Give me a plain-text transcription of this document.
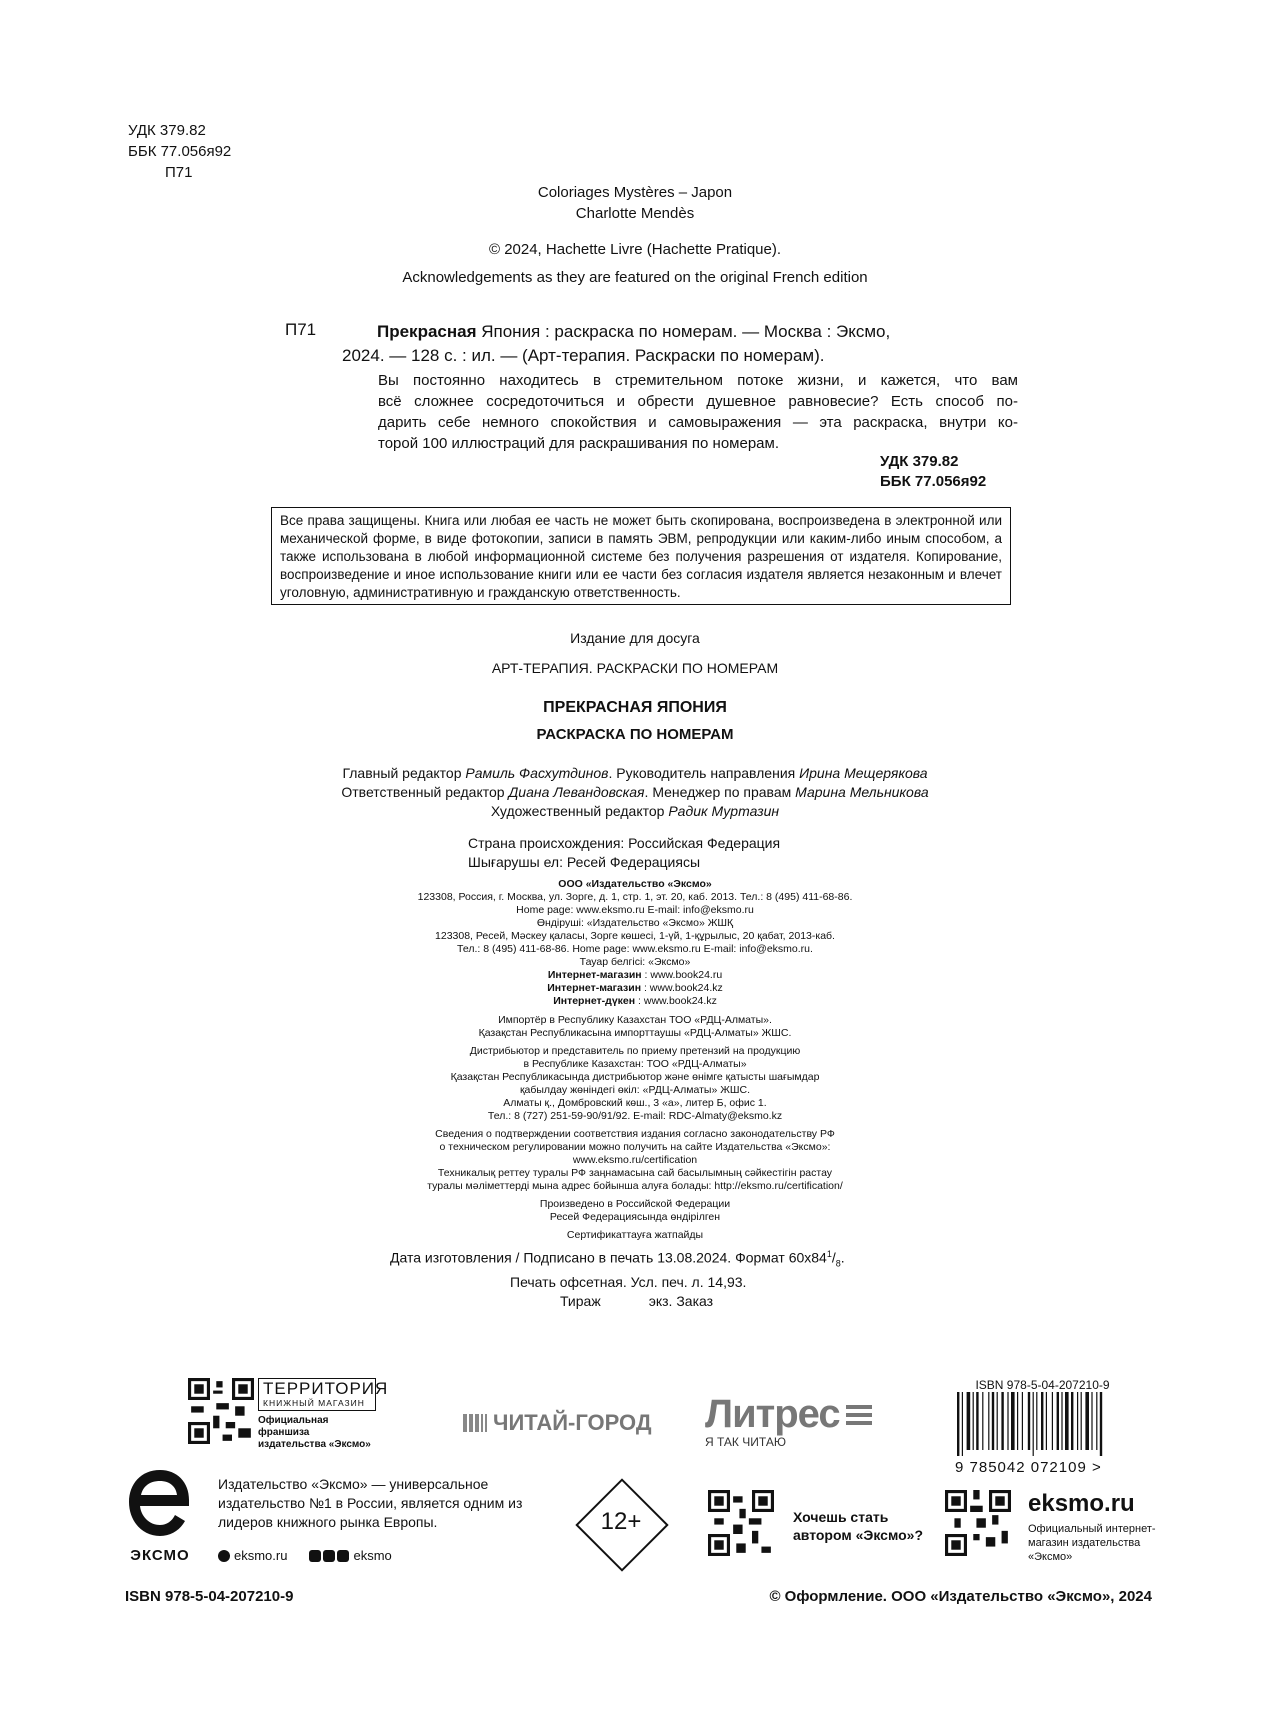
УДК 379.82
ББК 77.056я92
П71
Coloriages Mystères – Japon
Charlotte Mendès
© 2024, Hachette Livre (Hachette Pratique).
Acknowledgements as they are featured on the original French edition
П71	Прекрасная Япония : раскраска по номерам. — Москва : Эксмо,
2024. — 128 с. : ил. — (Арт-терапия. Раскраски по номерам).
Вы постоянно находитесь в стремительном потоке жизни, и кажется, что вам
всё сложнее сосредоточиться и обрести душевное равновесие? Есть способ по-
дарить себе немного спокойствия и самовыражения — эта раскраска, внутри ко-
торой 100 иллюстраций для раскрашивания по номерам.
УДК 379.82
ББК 77.056я92
Все права защищены. Книга или любая ее часть не может быть скопирована, воспроизведена в электронной или механической форме, в виде фотокопии, записи в память ЭВМ, репродукции или каким-либо иным способом, а также использована в любой информационной системе без получения разрешения от издателя. Копирование, воспроизведение и иное использование книги или ее части без согласия издателя является незаконным и влечет уголовную, административную и гражданскую ответственность.
Издание для досуга
АРТ-ТЕРАПИЯ. РАСКРАСКИ ПО НОМЕРАМ
ПРЕКРАСНАЯ ЯПОНИЯ
РАСКРАСКА ПО НОМЕРАМ
Главный редактор Рамиль Фасхутдинов. Руководитель направления Ирина Мещерякова
Ответственный редактор Диана Левандовская. Менеджер по правам Марина Мельникова
Художественный редактор Радик Муртазин
Страна происхождения: Российская Федерация
Шығарушы ел: Ресей Федерациясы
ООО «Издательство «Эксмо»
123308, Россия, г. Москва, ул. Зорге, д. 1, стр. 1, эт. 20, каб. 2013. Тел.: 8 (495) 411-68-86.
Home page: www.eksmo.ru E-mail: info@eksmo.ru
Өндіруші: «Издательство «Эксмо» ЖШҚ
123308, Ресей, Мәскеу қаласы, Зорге көшесі, 1-үй, 1-құрылыс, 20 қабат, 2013-каб.
Тел.: 8 (495) 411-68-86. Home page: www.eksmo.ru E-mail: info@eksmo.ru.
Тауар белгісі: «Эксмо»
Интернет-магазин : www.book24.ru
Интернет-магазин : www.book24.kz
Интернет-дүкен : www.book24.kz
Импортёр в Республику Казахстан ТОО «РДЦ-Алматы».
Қазақстан Республикасына импорттаушы «РДЦ-Алматы» ЖШС.
Дистрибьютор и представитель по приему претензий на продукцию
в Республике Казахстан: ТОО «РДЦ-Алматы»
Қазақстан Республикасында дистрибьютор және өнімге қатысты шағымдар
қабылдау жөніндегі өкіл: «РДЦ-Алматы» ЖШС.
Алматы қ., Домбровский көш., 3 «а», литер Б, офис 1.
Тел.: 8 (727) 251-59-90/91/92. E-mail: RDC-Almaty@eksmo.kz
Сведения о подтверждении соответствия издания согласно законодательству РФ
о техническом регулировании можно получить на сайте Издательства «Эксмо»:
www.eksmo.ru/certification
Техникалық реттеу туралы РФ заңнамасына сай басылымның сәйкестігін растау
туралы мәліметтердi мына адрес бойынша алуға болады: http://eksmo.ru/certification/
Произведено в Российской Федерации
Ресей Федерациясында өндірілген
Сертификаттауға жатпайды
Дата изготовления / Подписано в печать 13.08.2024. Формат $60x84^1/_8$.
Печать офсетная. Усл. печ. л. 14,93.
Тираж	экз. Заказ
ТЕРРИТОРИЯ
КНИЖНЫЙ МАГАЗИН
Официальная франшиза издательства «Эксмо»
ЧИТАЙ-ГОРОД Литрес
Я ТАК ЧИТАЮ
ISBN 978-5-04-207210-9
9 785042 072109 >
ЭКСМО
Издательство «Эксмо» — универсальное издательство №1 в России, является одним из лидеров книжного рынка Европы.
eksmo.ru	eksmo
12+	Хочешь стать автором «Эксмо»?
eksmo.ru
Официальный интернет-магазин издательства «Эксмо»
ISBN 978-5-04-207210-9	© Оформление. ООО «Издательство «Эксмо», 2024
